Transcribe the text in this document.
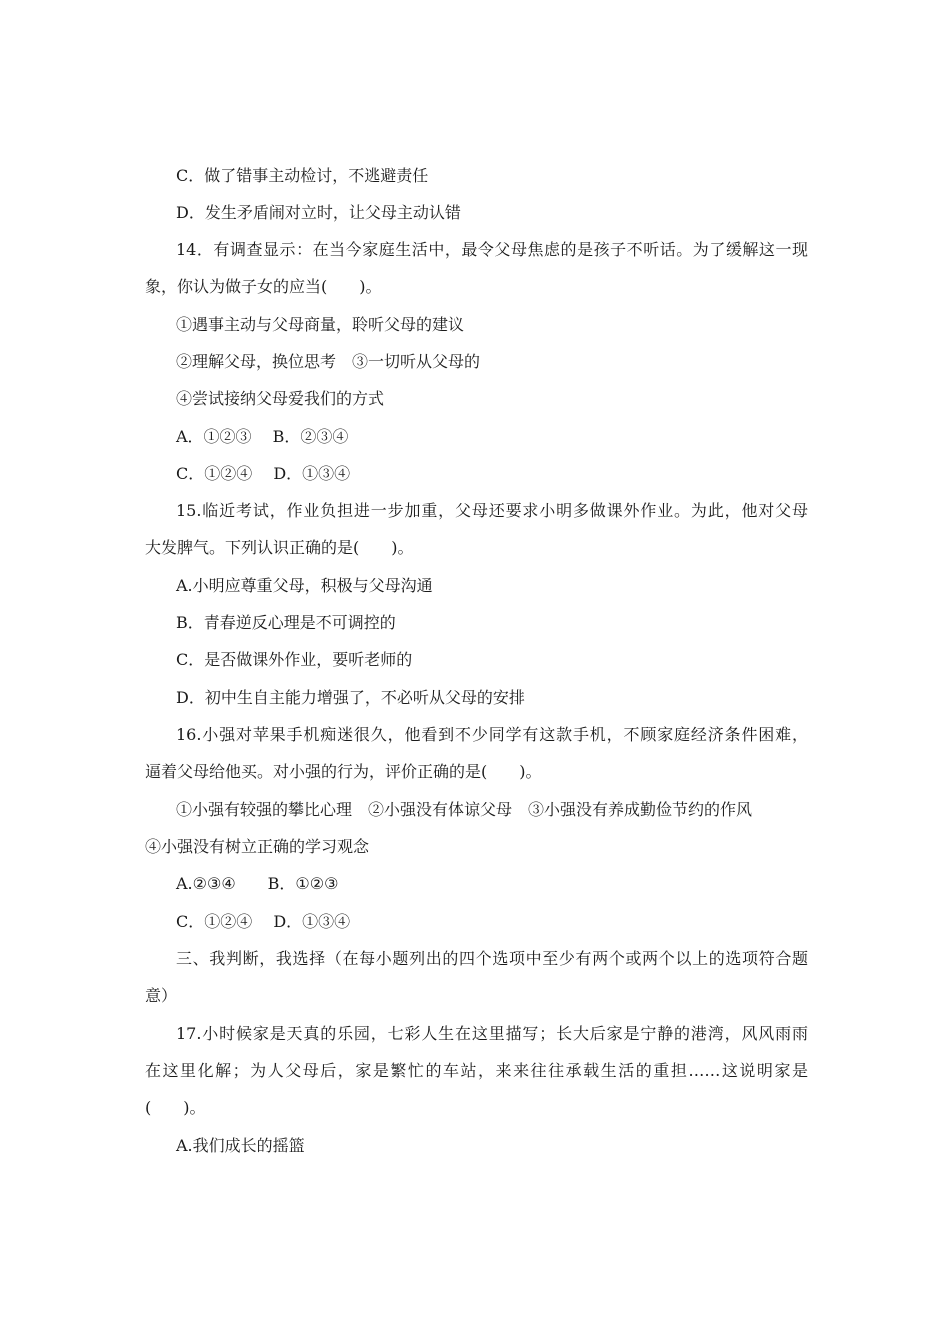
C．做了错事主动检讨，不逃避责任
D．发生矛盾闹对立时，让父母主动认错
14．有调查显示：在当今家庭生活中，最令父母焦虑的是孩子不听话。为了缓解这一现
象，你认为做子女的应当(　　)。
①遇事主动与父母商量，聆听父母的建议
②理解父母，换位思考　③一切听从父母的
④尝试接纳父母爱我们的方式
A．①②③　 B．②③④
C．①②④　 D．①③④
15.临近考试，作业负担进一步加重，父母还要求小明多做课外作业。为此，他对父母
大发脾气。下列认识正确的是(　　)。
A.小明应尊重父母，积极与父母沟通
B．青春逆反心理是不可调控的
C．是否做课外作业，要听老师的
D．初中生自主能力增强了，不必听从父母的安排
16.小强对苹果手机痴迷很久，他看到不少同学有这款手机，不顾家庭经济条件困难，
逼着父母给他买。对小强的行为，评价正确的是(　　)。
①小强有较强的攀比心理　②小强没有体谅父母　③小强没有养成勤俭节约的作风
④小强没有树立正确的学习观念
A.②③④　　B．①②③
C．①②④　 D．①③④
三、我判断，我选择（在每小题列出的四个选项中至少有两个或两个以上的选项符合题
意）
17.小时候家是天真的乐园，七彩人生在这里描写；长大后家是宁静的港湾，风风雨雨
在这里化解；为人父母后，家是繁忙的车站，来来往往承载生活的重担……这说明家是
(　　)。
A.我们成长的摇篮
